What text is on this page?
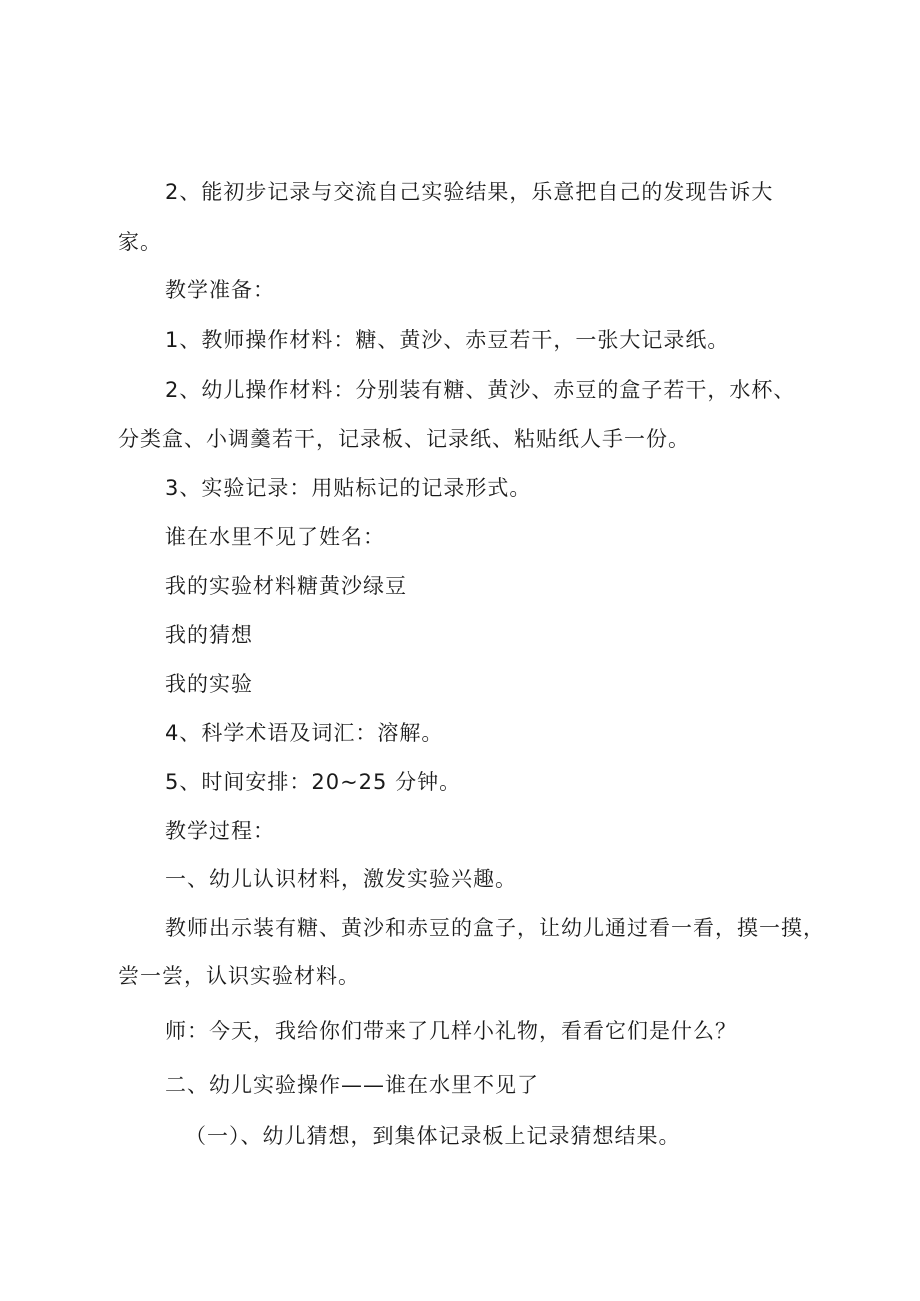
2、能初步记录与交流自己实验结果，乐意把自己的发现告诉大
家。
教学准备：
1、教师操作材料：糖、黄沙、赤豆若干，一张大记录纸。
2、幼儿操作材料：分别装有糖、黄沙、赤豆的盒子若干，水杯、
分类盒、小调羹若干，记录板、记录纸、粘贴纸人手一份。
3、实验记录：用贴标记的记录形式。
谁在水里不见了姓名：
我的实验材料糖黄沙绿豆
我的猜想
我的实验
4、科学术语及词汇：溶解。
5、时间安排：20~25 分钟。
教学过程：
一、幼儿认识材料，激发实验兴趣。
教师出示装有糖、黄沙和赤豆的盒子，让幼儿通过看一看，摸一摸，
尝一尝，认识实验材料。
师：今天，我给你们带来了几样小礼物，看看它们是什么？
二、幼儿实验操作——谁在水里不见了
（一）、幼儿猜想，到集体记录板上记录猜想结果。
